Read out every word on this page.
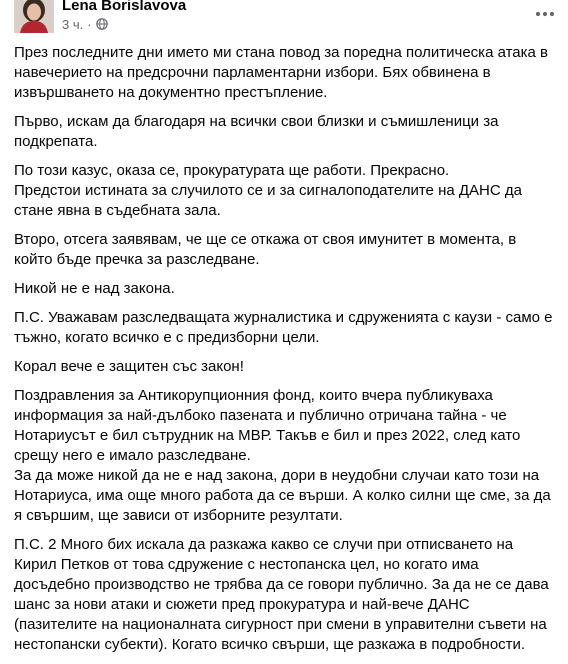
Lena Borislavova
3 ч. ·

През последните дни името ми стана повод за поредна политическа атака в навечерието на предсрочни парламентарни избори. Бях обвинена в извършването на документно престъпление.

Първо, искам да благодаря на всички свои близки и съмишленици за подкрепата.

По този казус, оказа се, прокуратурата ще работи. Прекрасно.
Предстои истината за случилото се и за сигналоподателите на ДАНС да стане явна в съдебната зала.

Второ, отсега заявявам, че ще се откажа от своя имунитет в момента, в който бъде пречка за разследване.

Никой не е над закона.

П.С. Уважавам разследващата журналистика и сдруженията с каузи - само е тъжно, когато всичко е с предизборни цели.

Корал вече е защитен със закон!

Поздравления за Антикорупционния фонд, които вчера публикуваха информация за най-дълбоко пазената и публично отричана тайна - че Нотариусът е бил сътрудник на МВР. Такъв е бил и през 2022, след като срещу него е имало разследване.
За да може никой да не е над закона, дори в неудобни случаи като този на Нотариуса, има още много работа да се върши. А колко силни ще сме, за да я свършим, ще зависи от изборните резултати.

П.С. 2 Много бих искала да разкажа какво се случи при отписването на Кирил Петков от това сдружение с нестопанска цел, но когато има досъдебно производство не трябва да се говори публично. За да не се дава шанс за нови атаки и сюжети пред прокуратура и най-вече ДАНС (пазителите на националната сигурност при смени в управителни съвети на нестопански субекти). Когато всичко свърши, ще разкажа в подробности.
